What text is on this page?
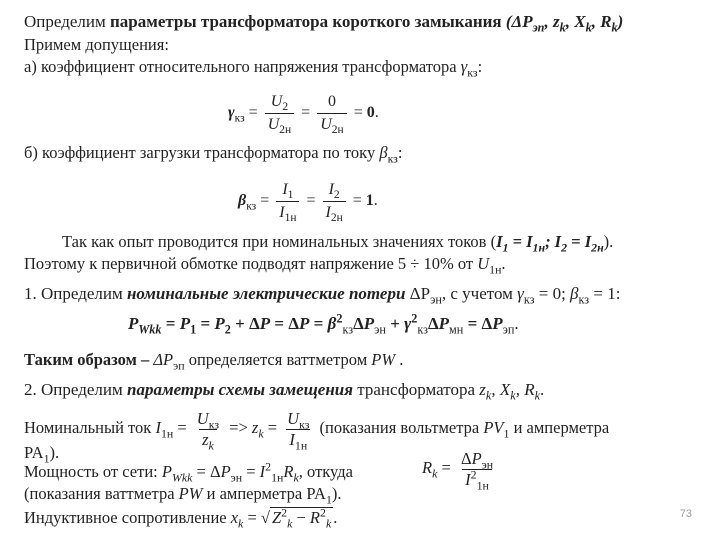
Определим параметры трансформатора короткого замыкания ($\Delta P_{эп}$, $z_k$, $X_k$, $R_k$)
Примем допущения:
а) коэффициент относительного напряжения трансформатора $\gamma_{кз}$:
$\gamma_{кз} = \frac{U_2}{U_{2н}} = \frac{0}{U_{2н}} = 0$.
б) коэффициент загрузки трансформатора по току $\beta_{кз}$:
$\beta_{кз} = \frac{I_1}{I_{1н}} = \frac{I_2}{I_{2н}} = 1$.
Так как опыт проводится при номинальных значениях токов ($I_1 = I_{1н}$; $I_2 = I_{2н}$).
Поэтому к первичной обмотке подводят напряжение 5 ÷ 10% от $U_{1н}$.
1. Определим номинальные электрические потери $\Delta P_{эн}$, с учетом $\gamma_{кз} = 0$; $\beta_{кз} = 1$:
$P_{Wkk} = P_1 = P_2 + \Delta P = \Delta P = \beta^2_{кз}\Delta P_{эн} + \gamma^2_{кз}\Delta P_{мн} = \Delta P_{эп}$.
Таким образом – $\Delta P_{эп}$ определяется ваттметром PW .
2. Определим параметры схемы замещения трансформатора $z_k$, $X_k$, $R_k$.
Номинальный ток $I_{1н} = \frac{U_{кз}}{z_k} => z_k = \frac{U_{кз}}{I_{1н}}$ (показания вольтметра $PV_1$ и амперметра
$PA_1$).
Мощность от сети: $P_{Wkk} = \Delta P_{эн} = I^2_{1н}R_k$, откуда	$R_k = \frac{\Delta P_{эн}}{I^2_{1н}}$
(показания ваттметра PW и амперметра $PA_1$).
Индуктивное сопротивление $x_k$ = √ $Z^2_k - R^2_k$ .	73
